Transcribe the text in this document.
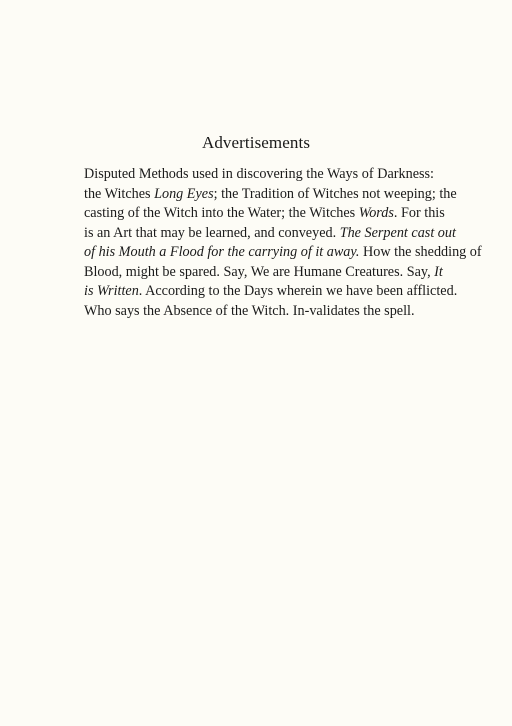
Advertisements
Disputed Methods used in discovering the Ways of Darkness:
the Witches Long Eyes; the Tradition of Witches not weeping; the
casting of the Witch into the Water; the Witches Words. For this
is an Art that may be learned, and conveyed. The Serpent cast out
of his Mouth a Flood for the carrying of it away. How the shedding of
Blood, might be spared. Say, We are Humane Creatures. Say, It
is Written. According to the Days wherein we have been afflicted.
Who says the Absence of the Witch. In-validates the spell.
